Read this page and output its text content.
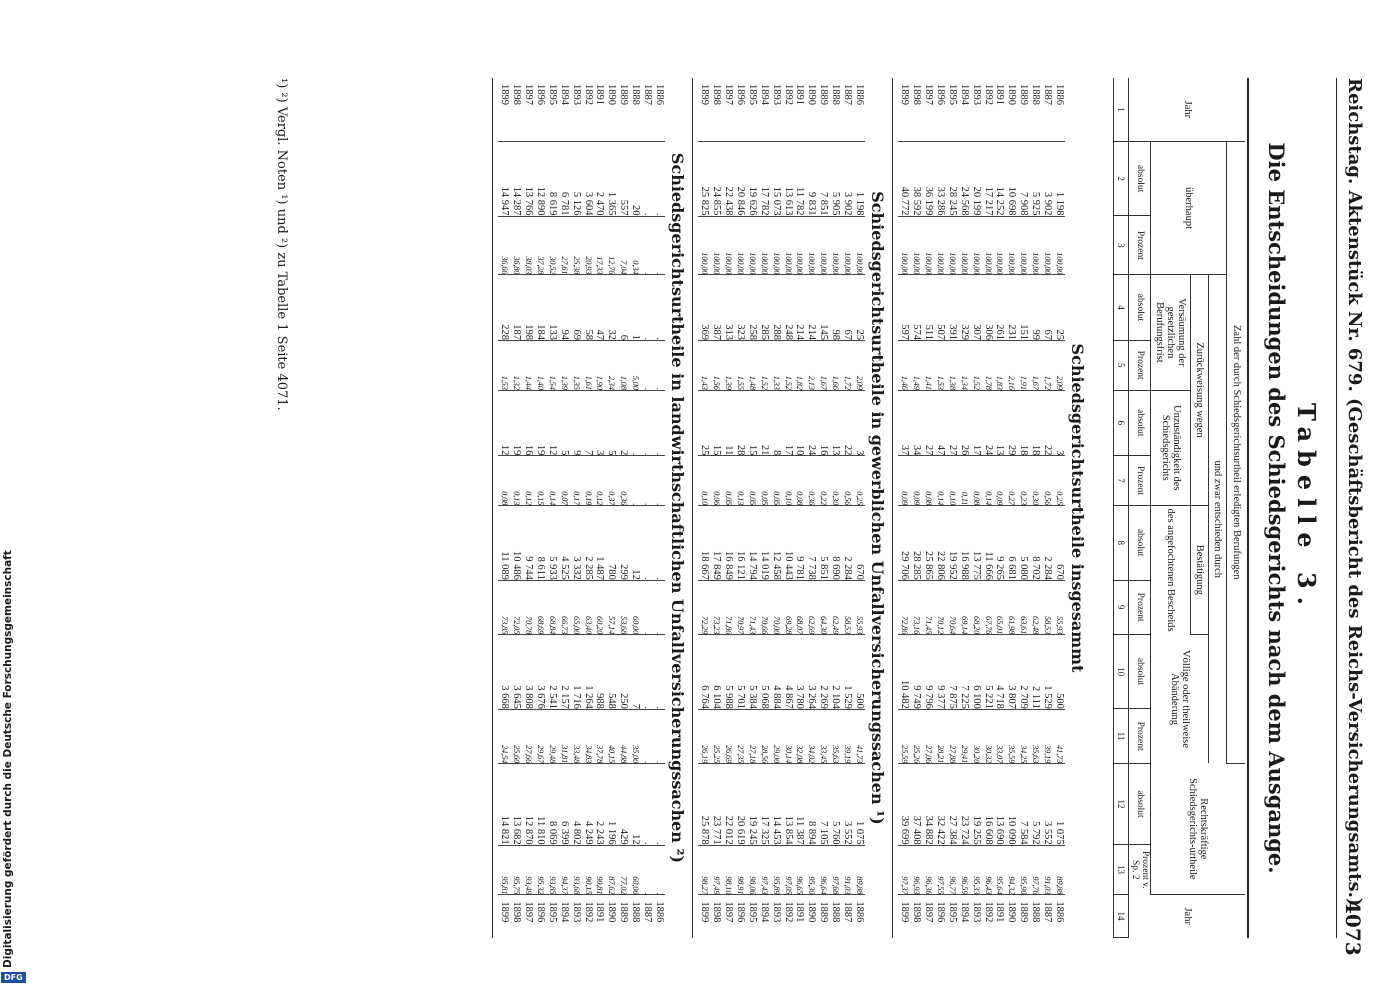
Reichstag. Aktenstück Nr. 679. (Geschäftsbericht des Reichs-Versicherungsamts.)
4073
Tabelle 3.
Die Entscheidungen des Schiedsgerichts nach dem Ausgange.
Jahr	Zahl der durch Schiedsgerichtsurtheil erledigten Berufungen										Rechtskräftige Schiedsgerichts-urtheile		Jahr
	überhaupt		und zwar entschieden durch										
			Zurückweisung wegen				Bestätigung		Völlige oder theilweise Abänderung				
			Versäumung der gesetzlichen Berufungsfrist		Unzuständigkeit des Schiedsgerichts		des angefochtenen Bescheids						
	absolut	Prozent	absolut	Prozent	absolut	Prozent	absolut	Prozent	absolut	Prozent	absolut	Prozent v. Sp. 2	
1	2	3	4	5	6	7	8	9	10	11	12	13	14
Schiedsgerichtsurtheile insgesammt
1886	1 198	100,00	25	2,09	3	0,25	670	55,93	500	41,73	1 075	89,88	1886
1887	3 902	100,00	67	1,72	22	0,56	2 284	58,53	1 529	39,19	3 552	91,03	1887
1888	5 925	100,00	99	1,67	18	0,30	8 702	62,48	2 111	35,63	5 792	97,76	1888
1889	7 908	100,00	151	1,91	18	0,23	5 080	63,61	2 709	34,25	7 584	95,90	1889
1890	10 698	100,00	231	2,16	29	0,27	6 681	61,98	3 807	35,59	10 090	94,32	1890
1891	14 252	100,00	261	1,83	13	0,09	9 265	65,01	4 718	33,07	13 690	95,64	1891
1892	17 217	100,00	306	1,78	24	0,14	11 666	67,76	5 221	30,32	16 608	96,43	1892
1893	20 199	100,00	307	1,52	17	0,08	13 775	68,20	6 100	30,20	19 255	95,33	1893
1894	24 568	100,00	329	1,34	26	0,11	16 988	69,14	7 225	29,41	23 724	96,59	1894
1895	28 245	100,00	391	1,38	27	0,10	19 952	70,64	7 875	27,88	27 384	96,77	1895
1896	33 286	100,00	507	1,53	47	0,14	22 806	70,12	9 377	28,21	32 422	97,55	1896
1897	36 199	100,00	511	1,41	27	0,08	25 865	71,45	9 796	27,06	34 882	96,36	1897
1898	38 592	100,00	574	1,49	34	0,09	28 285	73,16	9 749	25,26	37 408	96,93	1898
1899	40 772	100,00	597	1,46	37	0,09	29 706	72,86	10 482	25,59	39 699	97,37	1899
Schiedsgerichtsurtheile in gewerblichen Unfallversicherungssachen ¹)
1886	1 198	100,00	25	2,09	3	0,25	670	55,93	500	41,73	1 075	89,88	1886
1887	3 902	100,00	67	1,72	22	0,56	2 284	58,53	1 529	39,19	3 552	91,03	1887
1888	5 905	100,00	98	1,66	13	0,30	8 690	62,49	2 104	35,63	5 760	97,68	1888
1889	7 851	100,00	145	1,67	16	0,22	5 851	64,30	2 269	33,45	7 105	96,64	1889
1890	9 831	100,00	214	2,13	24	0,36	7 738	62,69	3 264	34,02	8 894	95,30	1890
1891	11 782	100,00	214	1,82	10	0,08	9 781	68,07	3 780	32,08	11 387	96,65	1891
1892	13 613	100,00	248	1,52	17	0,10	10 443	69,28	4 867	30,14	13 854	97,05	1892
1893	15 073	100,00	288	1,33	8	0,05	12 458	70,00	4 884	29,00	14 453	95,89	1893
1894	17 782	100,00	285	1,52	21	0,05	14 019	70,66	5 068	28,56	17 325	97,43	1894
1895	19 626	100,00	258	1,48	15	0,05	14 794	71,43	5 384	27,18	19 245	98,06	1895
1896	20 846	100,00	323	1,55	28	0,13	16 121	70,97	5 701	27,35	20 619	98,91	1896
1897	22 438	100,00	313	1,39	11	0,05	16 849	71,86	5 988	26,69	22 012	98,10	1897
1898	24 855	100,00	387	1,56	15	0,06	17 849	73,23	6 104	25,25	23 771	97,49	1898
1899	25 825	100,00	369	1,43	25	0,10	18 667	72,29	6 764	26,19	25 878	98,27	1899
Schiedsgerichtsurtheile in landwirthschaftlichen Unfallversicherungssachen ²)
1886	.	.	.	.	.	.	.	.	.	.	.	.	1886
1887	.	.	.	.	.	.	.	.	.	.	.	.	1887
1888	20	0,34	1	5,00	.	.	12	60,00	7	35,00	12	60,00	1888
1889	557	7,04	6	1,08	2	0,36	299	53,68	250	44,88	429	77,02	1889
1890	1 365	12,76	32	2,34	5	0,37	780	57,14	548	40,15	1 196	87,62	1890
1891	2 470	17,33	47	1,90	3	0,12	1 487	60,20	988	37,78	2 243	90,81	1891
1892	3 604	20,93	58	1,61	7	0,19	2 285	63,40	1 264	34,83	4 249	90,15	1892
1893	5 126	25,38	69	1,35	9	0,17	3 332	65,00	1 716	33,48	4 802	93,68	1893
1894	6 781	27,61	94	1,39	5	0,07	4 525	66,73	2 157	31,81	6 399	94,37	1894
1895	8 619	30,52	133	1,54	12	0,14	5 933	68,84	2 541	29,48	8 069	93,85	1895
1896	12 890	37,28	184	1,40	19	0,15	8 611	68,69	3 676	29,67	11 810	95,32	1896
1897	13 766	38,03	198	1,44	16	0,12	9 744	70,78	3 808	27,66	12 870	93,49	1897
1898	14 287	36,80	187	1,32	19	0,13	10 486	72,05	3 645	25,60	13 682	95,75	1898
1899	14 947	36,66	228	1,53	12	0,08	11 089	73,85	3 668	24,54	14 821	95,81	1899
¹) ²) Vergl. Noten ¹) und ²) zu Tabelle 1 Seite 4071.
Digitalisierung gefördert durch die Deutsche Forschungsgemeinschaft
DFG
